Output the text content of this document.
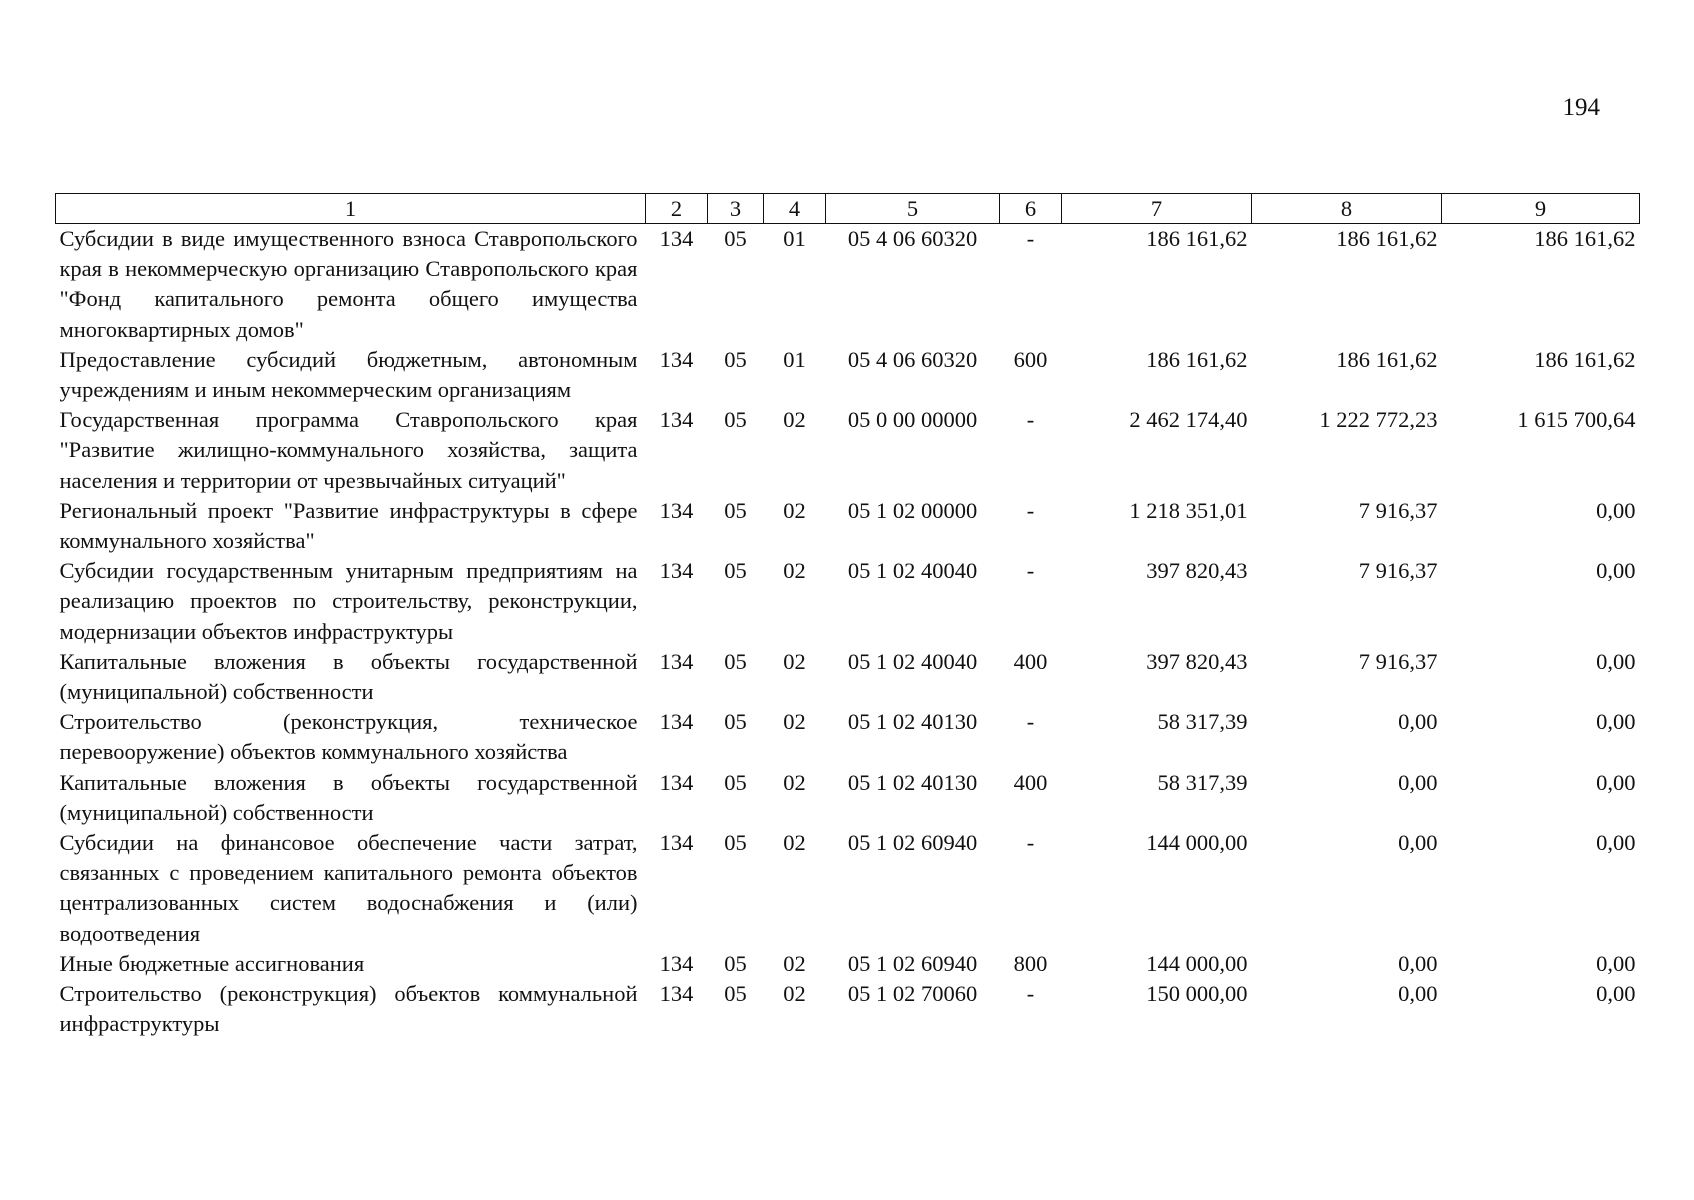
194
1	2	3	4	5	6	7	8	9
Субсидии в виде имущественного взноса Ставропольского края в некоммерческую организацию Ставропольского края "Фонд капитального ремонта общего имущества многоквартирных домов"	134	05	01	05 4 06 60320	-	186 161,62	186 161,62	186 161,62
Предоставление субсидий бюджетным, автономным учреждениям и иным некоммерческим организациям	134	05	01	05 4 06 60320	600	186 161,62	186 161,62	186 161,62
Государственная программа Ставропольского края "Развитие жилищно-коммунального хозяйства, защита населения и территории от чрезвычайных ситуаций"	134	05	02	05 0 00 00000	-	2 462 174,40	1 222 772,23	1 615 700,64
Региональный проект "Развитие инфраструктуры в сфере коммунального хозяйства"	134	05	02	05 1 02 00000	-	1 218 351,01	7 916,37	0,00
Субсидии государственным унитарным предприятиям на реализацию проектов по строительству, реконструкции, модернизации объектов инфраструктуры	134	05	02	05 1 02 40040	-	397 820,43	7 916,37	0,00
Капитальные вложения в объекты государственной (муниципальной) собственности	134	05	02	05 1 02 40040	400	397 820,43	7 916,37	0,00
Строительство (реконструкция, техническое перевооружение) объектов коммунального хозяйства	134	05	02	05 1 02 40130	-	58 317,39	0,00	0,00
Капитальные вложения в объекты государственной (муниципальной) собственности	134	05	02	05 1 02 40130	400	58 317,39	0,00	0,00
Субсидии на финансовое обеспечение части затрат, связанных с проведением капитального ремонта объектов централизованных систем водоснабжения и (или) водоотведения	134	05	02	05 1 02 60940	-	144 000,00	0,00	0,00
Иные бюджетные ассигнования	134	05	02	05 1 02 60940	800	144 000,00	0,00	0,00
Строительство (реконструкция) объектов коммунальной инфраструктуры	134	05	02	05 1 02 70060	-	150 000,00	0,00	0,00
